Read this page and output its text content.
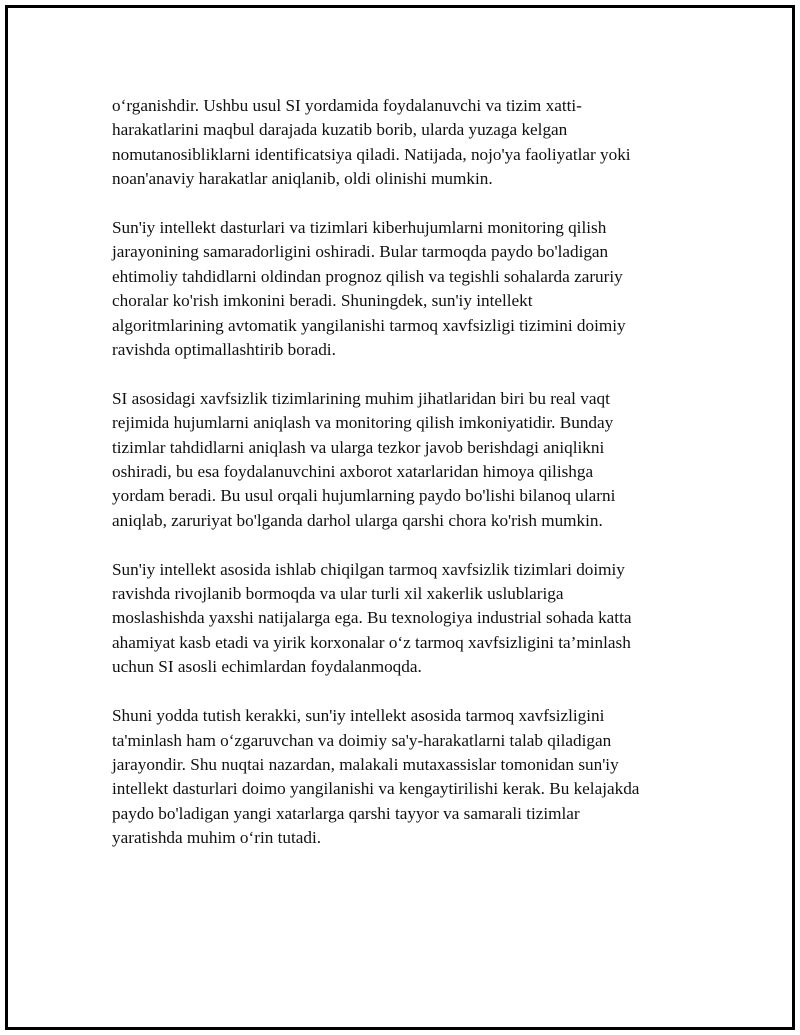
o‘rganishdir. Ushbu usul SI yordamida foydalanuvchi va tizim xatti-
harakatlarini maqbul darajada kuzatib borib, ularda yuzaga kelgan
nomutanosibliklarni identificatsiya qiladi. Natijada, nojo'ya faoliyatlar yoki
noan'anaviy harakatlar aniqlanib, oldi olinishi mumkin.

Sun'iy intellekt dasturlari va tizimlari kiberhujumlarni monitoring qilish
jarayonining samaradorligini oshiradi. Bular tarmoqda paydo bo'ladigan
ehtimoliy tahdidlarni oldindan prognoz qilish va tegishli sohalarda zaruriy
choralar ko'rish imkonini beradi. Shuningdek, sun'iy intellekt
algoritmlarining avtomatik yangilanishi tarmoq xavfsizligi tizimini doimiy
ravishda optimallashtirib boradi.

SI asosidagi xavfsizlik tizimlarining muhim jihatlaridan biri bu real vaqt
rejimida hujumlarni aniqlash va monitoring qilish imkoniyatidir. Bunday
tizimlar tahdidlarni aniqlash va ularga tezkor javob berishdagi aniqlikni
oshiradi, bu esa foydalanuvchini axborot xatarlaridan himoya qilishga
yordam beradi. Bu usul orqali hujumlarning paydo bo'lishi bilanoq ularni
aniqlab, zaruriyat bo'lganda darhol ularga qarshi chora ko'rish mumkin.

Sun'iy intellekt asosida ishlab chiqilgan tarmoq xavfsizlik tizimlari doimiy
ravishda rivojlanib bormoqda va ular turli xil xakerlik uslublariga
moslashishda yaxshi natijalarga ega. Bu texnologiya industrial sohada katta
ahamiyat kasb etadi va yirik korxonalar o‘z tarmoq xavfsizligini ta’minlash
uchun SI asosli echimlardan foydalanmoqda.

Shuni yodda tutish kerakki, sun'iy intellekt asosida tarmoq xavfsizligini
ta'minlash ham o‘zgaruvchan va doimiy sa'y-harakatlarni talab qiladigan
jarayondir. Shu nuqtai nazardan, malakali mutaxassislar tomonidan sun'iy
intellekt dasturlari doimo yangilanishi va kengaytirilishi kerak. Bu kelajakda
paydo bo'ladigan yangi xatarlarga qarshi tayyor va samarali tizimlar
yaratishda muhim o‘rin tutadi.
